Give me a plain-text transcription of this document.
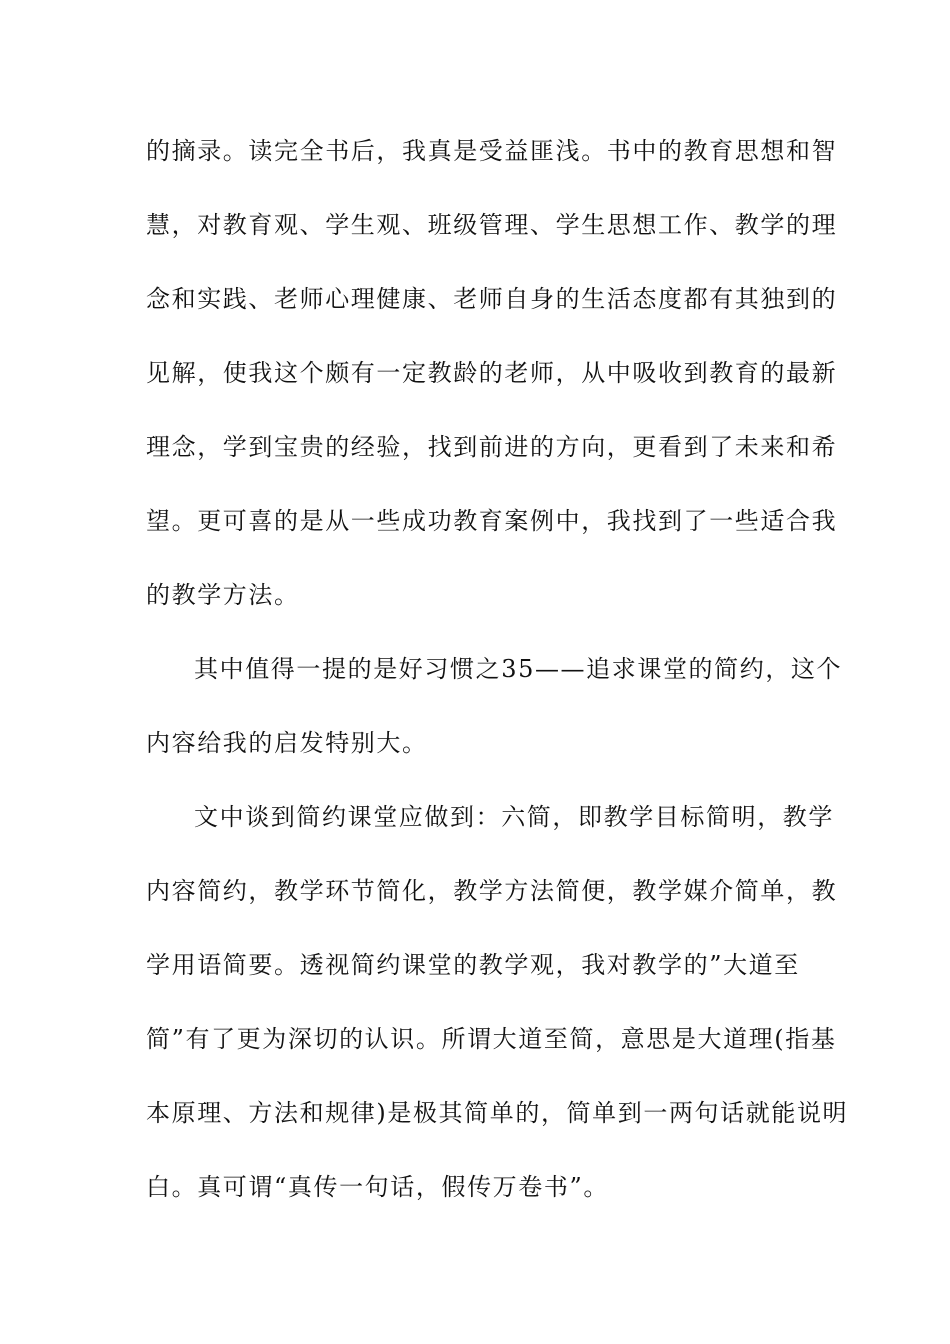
的摘录。读完全书后，我真是受益匪浅。书中的教育思想和智
慧，对教育观、学生观、班级管理、学生思想工作、教学的理
念和实践、老师心理健康、老师自身的生活态度都有其独到的
见解，使我这个颇有一定教龄的老师，从中吸收到教育的最新
理念，学到宝贵的经验，找到前进的方向，更看到了未来和希
望。更可喜的是从一些成功教育案例中，我找到了一些适合我
的教学方法。
其中值得一提的是好习惯之35——追求课堂的简约，这个
内容给我的启发特别大。
文中谈到简约课堂应做到：六简，即教学目标简明，教学
内容简约，教学环节简化，教学方法简便，教学媒介简单，教
学用语简要。透视简约课堂的教学观，我对教学的”大道至
简”有了更为深切的认识。所谓大道至简，意思是大道理(指基
本原理、方法和规律)是极其简单的，简单到一两句话就能说明
白。真可谓“真传一句话，假传万卷书”。
